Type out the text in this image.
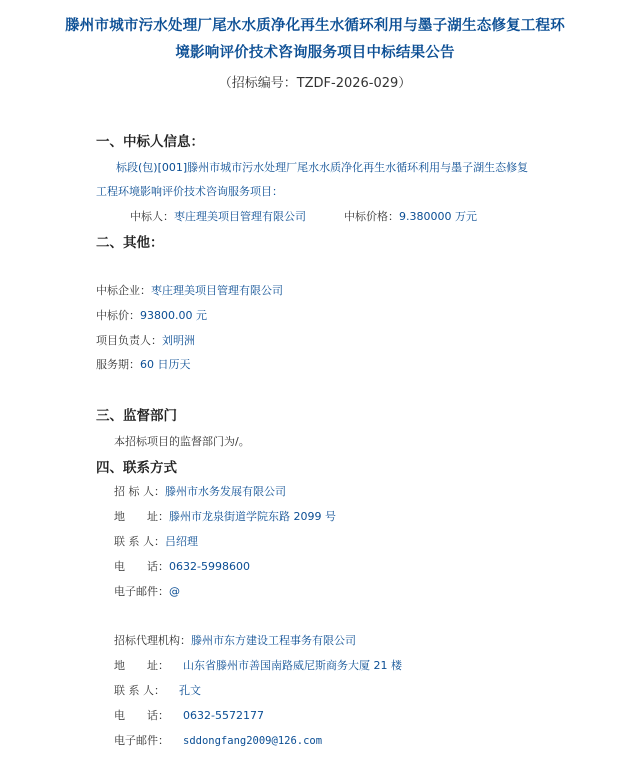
滕州市城市污水处理厂尾水水质净化再生水循环利用与墨子湖生态修复工程环
境影响评价技术咨询服务项目中标结果公告
（招标编号：TZDF-2026-029）
一、中标人信息：
标段(包)[001]滕州市城市污水处理厂尾水水质净化再生水循环利用与墨子湖生态修复
工程环境影响评价技术咨询服务项目：
中标人：枣庄理美项目管理有限公司	中标价格：9.380000 万元
二、其他：
中标企业：枣庄理美项目管理有限公司
中标价：93800.00 元
项目负责人：刘明洲
服务期：60 日历天
三、监督部门
本招标项目的监督部门为/。
四、联系方式
招 标 人：滕州市水务发展有限公司
地　　址：滕州市龙泉街道学院东路 2099 号
联 系 人：吕绍理
电　　话：0632-5998600
电子邮件：@
招标代理机构：滕州市东方建设工程事务有限公司
地　　址： 山东省滕州市善国南路威尼斯商务大厦 21 楼
联 系 人： 孔文
电　　话： 0632-5572177
电子邮件： sddongfang2009@126.com
